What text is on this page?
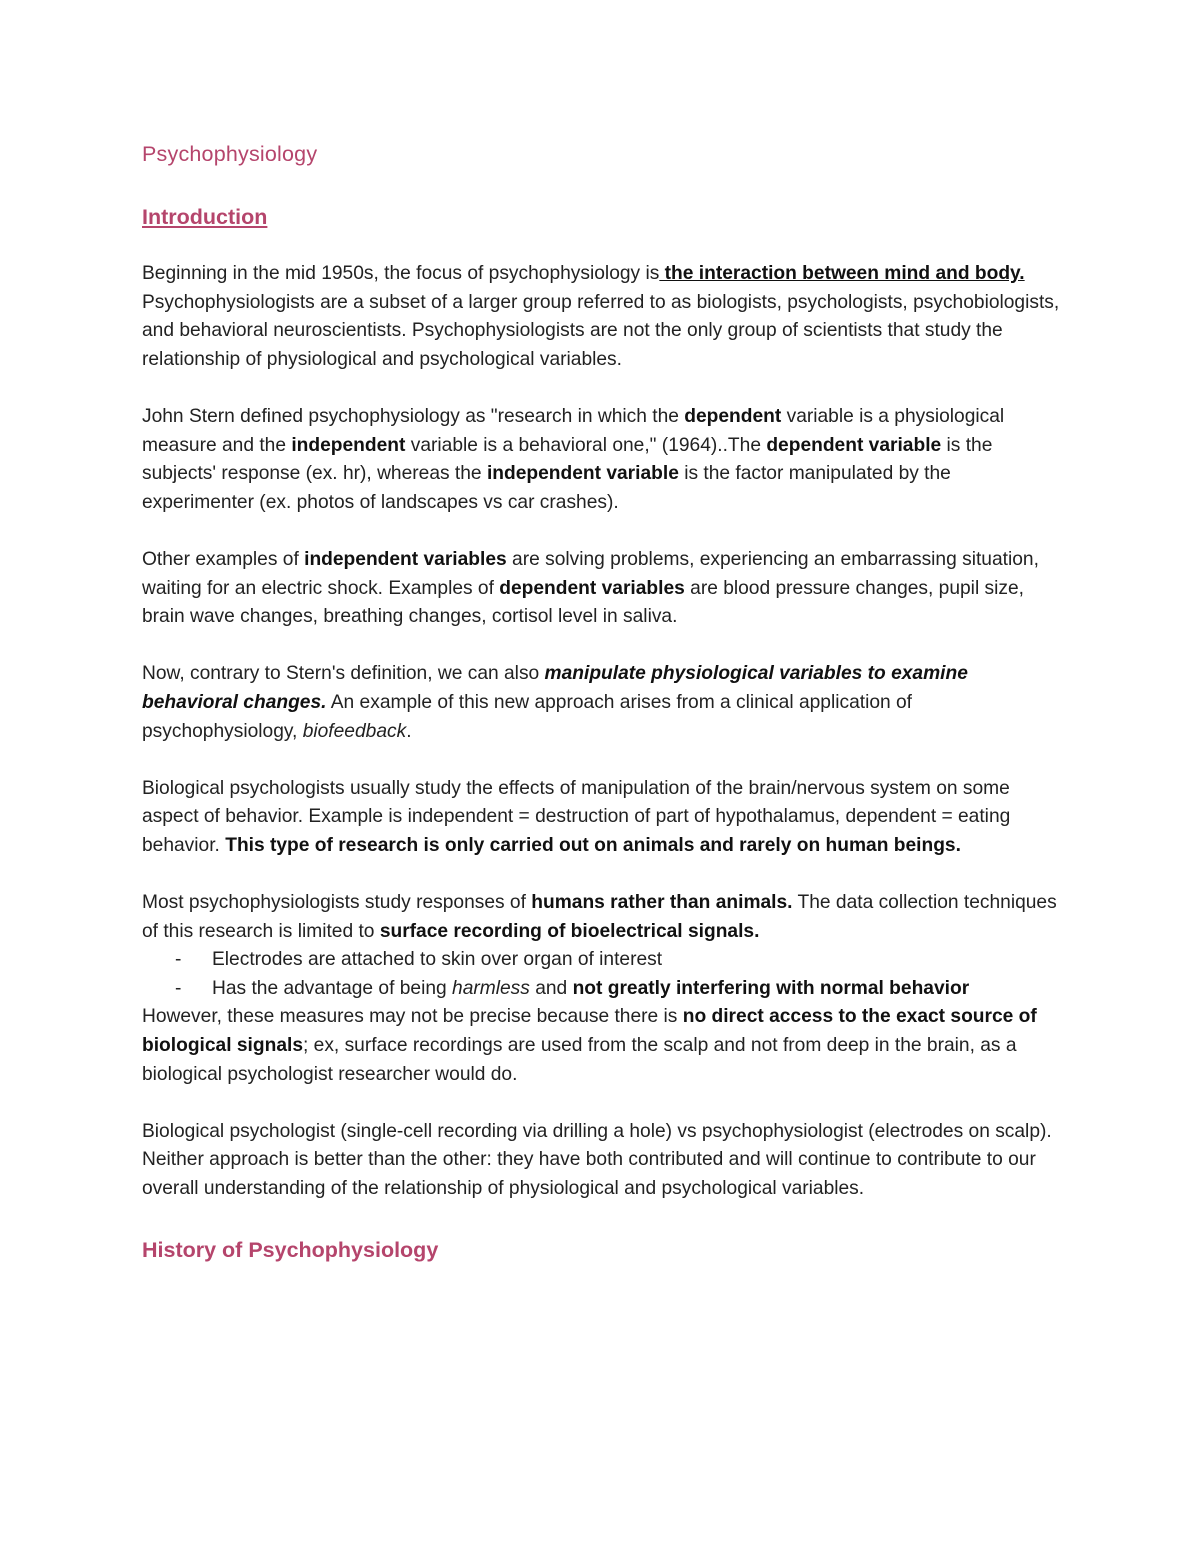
Psychophysiology
Introduction

Beginning in the mid 1950s, the focus of psychophysiology is the interaction between mind and body. Psychophysiologists are a subset of a larger group referred to as biologists, psychologists, psychobiologists, and behavioral neuroscientists. Psychophysiologists are not the only group of scientists that study the relationship of physiological and psychological variables.

John Stern defined psychophysiology as "research in which the dependent variable is a physiological measure and the independent variable is a behavioral one," (1964)..The dependent variable is the subjects' response (ex. hr), whereas the independent variable is the factor manipulated by the experimenter (ex. photos of landscapes vs car crashes).

Other examples of independent variables are solving problems, experiencing an embarrassing situation, waiting for an electric shock. Examples of dependent variables are blood pressure changes, pupil size, brain wave changes, breathing changes, cortisol level in saliva.

Now, contrary to Stern's definition, we can also manipulate physiological variables to examine behavioral changes. An example of this new approach arises from a clinical application of psychophysiology, biofeedback.

Biological psychologists usually study the effects of manipulation of the brain/nervous system on some aspect of behavior. Example is independent = destruction of part of hypothalamus, dependent = eating behavior. This type of research is only carried out on animals and rarely on human beings.

Most psychophysiologists study responses of humans rather than animals. The data collection techniques of this research is limited to surface recording of bioelectrical signals.

- Electrodes are attached to skin over organ of interest
- Has the advantage of being harmless and not greatly interfering with normal behavior

However, these measures may not be precise because there is no direct access to the exact source of biological signals; ex, surface recordings are used from the scalp and not from deep in the brain, as a biological psychologist researcher would do.

Biological psychologist (single-cell recording via drilling a hole) vs psychophysiologist (electrodes on scalp). Neither approach is better than the other: they have both contributed and will continue to contribute to our overall understanding of the relationship of physiological and psychological variables.

History of Psychophysiology
